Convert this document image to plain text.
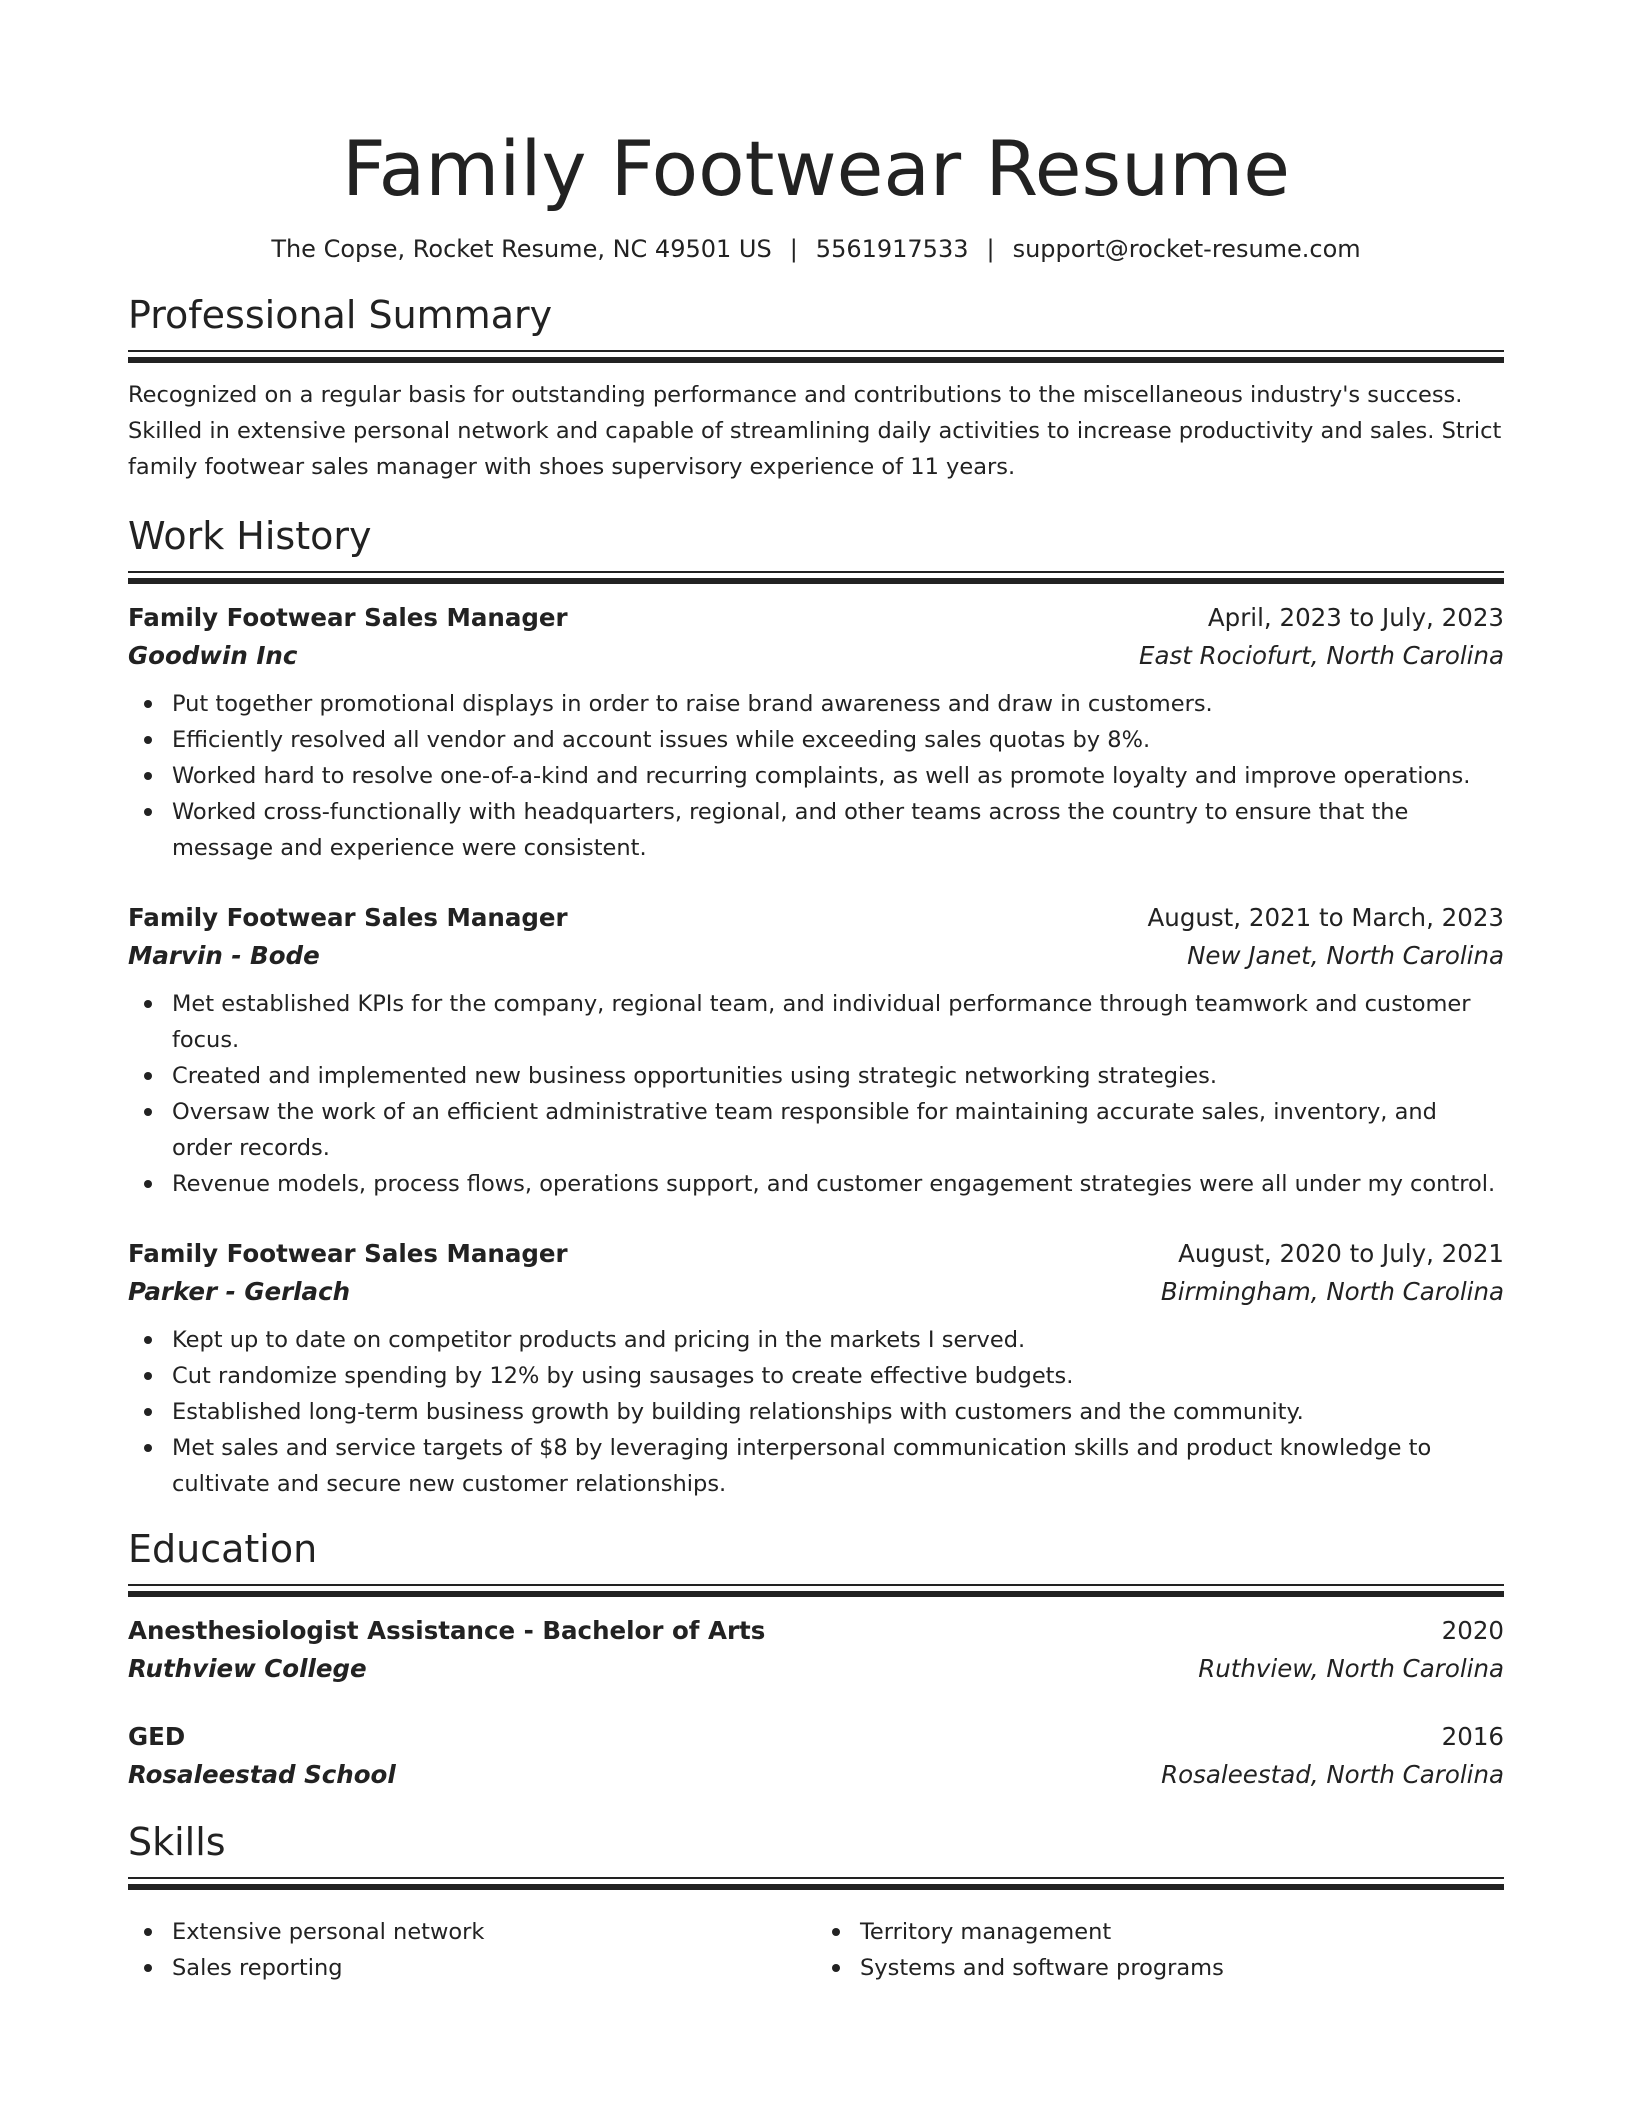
Family Footwear Resume
The Copse, Rocket Resume, NC 49501 US | 5561917533 | support@rocket-resume.com
Professional Summary

Recognized on a regular basis for outstanding performance and contributions to the miscellaneous industry's success. Skilled in extensive personal network and capable of streamlining daily activities to increase productivity and sales. Strict family footwear sales manager with shoes supervisory experience of 11 years.

Work History
Family Footwear Sales Manager	April, 2023 to July, 2023
Goodwin Inc	East Rociofurt, North Carolina
Put together promotional displays in order to raise brand awareness and draw in customers.
Efficiently resolved all vendor and account issues while exceeding sales quotas by 8%.
Worked hard to resolve one-of-a-kind and recurring complaints, as well as promote loyalty and improve operations.
Worked cross-functionally with headquarters, regional, and other teams across the country to ensure that the message and experience were consistent.
Family Footwear Sales Manager	August, 2021 to March, 2023
Marvin - Bode	New Janet, North Carolina
Met established KPIs for the company, regional team, and individual performance through teamwork and customer focus.
Created and implemented new business opportunities using strategic networking strategies.
Oversaw the work of an efficient administrative team responsible for maintaining accurate sales, inventory, and order records.
Revenue models, process flows, operations support, and customer engagement strategies were all under my control.
Family Footwear Sales Manager	August, 2020 to July, 2021
Parker - Gerlach	Birmingham, North Carolina
Kept up to date on competitor products and pricing in the markets I served.
Cut randomize spending by 12% by using sausages to create effective budgets.
Established long-term business growth by building relationships with customers and the community.
Met sales and service targets of $8 by leveraging interpersonal communication skills and product knowledge to cultivate and secure new customer relationships.
Education
Anesthesiologist Assistance - Bachelor of Arts	2020
Ruthview College	Ruthview, North Carolina
GED	2016
Rosaleestad School	Rosaleestad, North Carolina
Skills
Extensive personal network
Sales reporting
Territory management
Systems and software programs
